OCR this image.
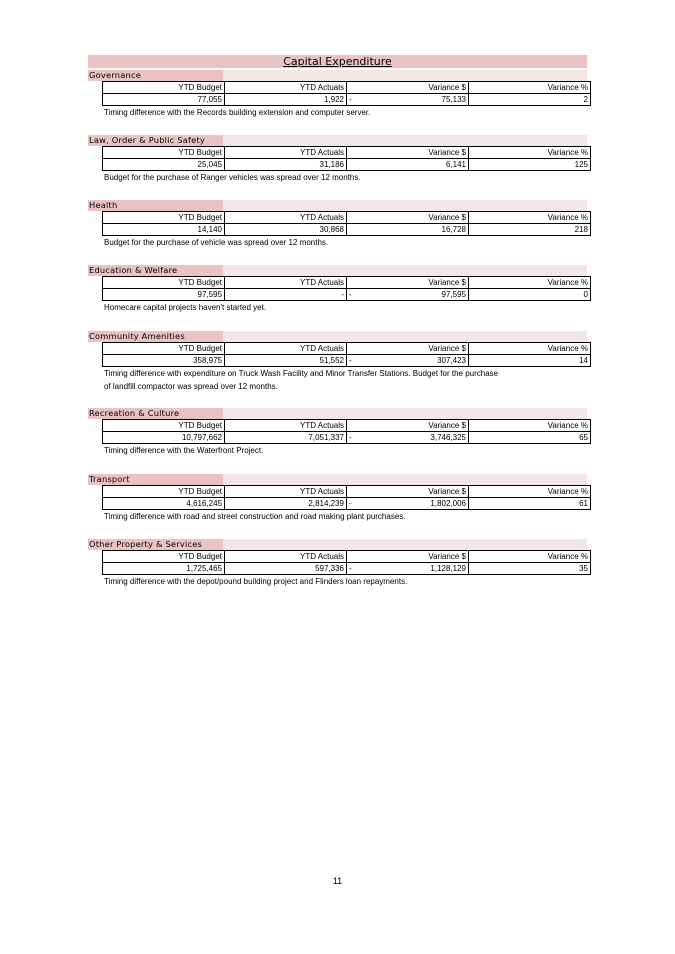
Capital Expenditure
Governance
YTD Budget	YTD Actuals	Variance $	Variance %
77,055	1,922	- 75,133	2
Timing difference with the Records building extension and computer server.
Law, Order & Public Safety
YTD Budget	YTD Actuals	Variance $	Variance %
25,045	31,186	6,141	125
Budget for the purchase of Ranger vehicles was spread over 12 months.
Health
YTD Budget	YTD Actuals	Variance $	Variance %
14,140	30,868	16,728	218
Budget for the purchase of vehicle was spread over 12 months.
Education & Welfare
YTD Budget	YTD Actuals	Variance $	Variance %
97,595	-	- 97,595	0
Homecare capital projects haven't started yet.
Community Amenities
YTD Budget	YTD Actuals	Variance $	Variance %
358,975	51,552	- 307,423	14
Timing difference with expenditure on Truck Wash Facility and Minor Transfer Stations. Budget for the purchase
of landfill compactor was spread over 12 months.
Recreation & Culture
YTD Budget	YTD Actuals	Variance $	Variance %
10,797,662	7,051,337	- 3,746,325	65
Timing difference with the Waterfront Project.
Transport
YTD Budget	YTD Actuals	Variance $	Variance %
4,616,245	2,814,239	- 1,802,006	61
Timing difference with road and street construction and road making plant purchases.
Other Property & Services
YTD Budget	YTD Actuals	Variance $	Variance %
1,725,465	597,336	- 1,128,129	35
Timing difference with the depot/pound building project and Flinders loan repayments.
11
